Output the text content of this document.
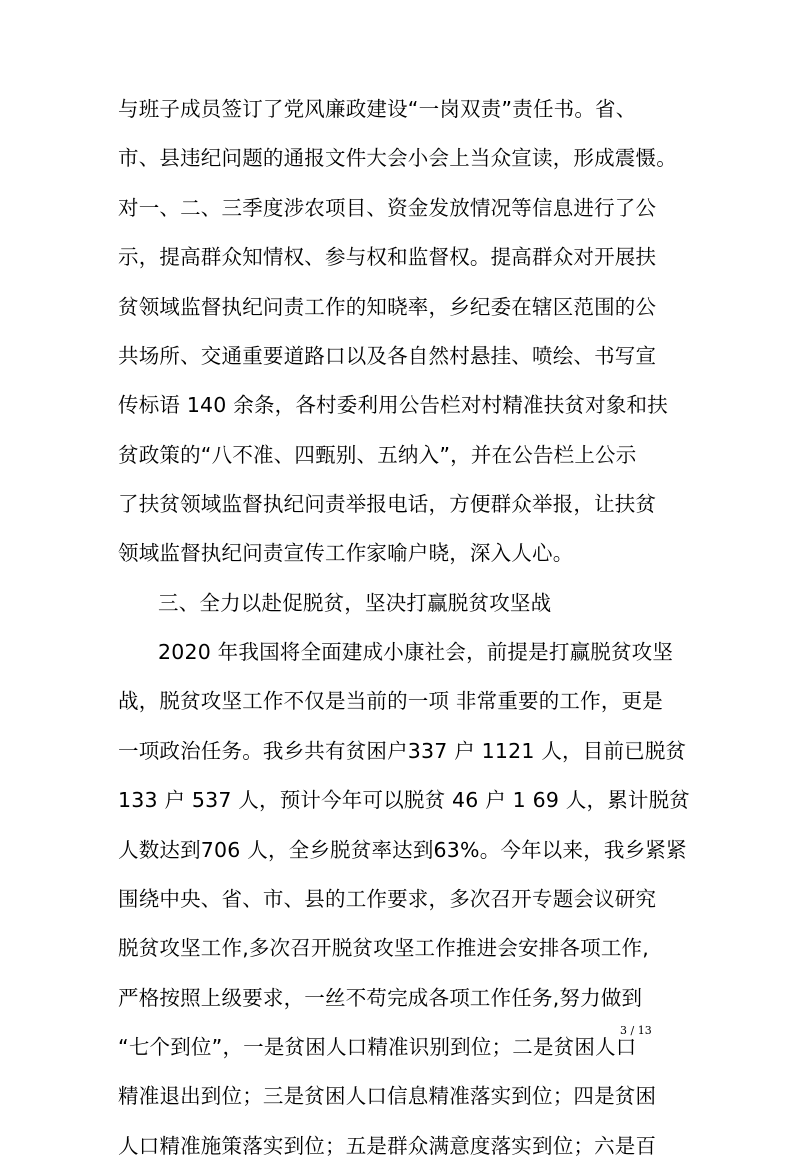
与班子成员签订了党风廉政建设“一岗双责”责任书。省、
市、县违纪问题的通报文件大会小会上当众宣读，形成震慑。
对一、二、三季度涉农项目、资金发放情况等信息进行了公
示，提高群众知情权、参与权和监督权。提高群众对开展扶
贫领域监督执纪问责工作的知晓率，乡纪委在辖区范围的公
共场所、交通重要道路口以及各自然村悬挂、喷绘、书写宣
传标语 140 余条，各村委利用公告栏对村精准扶贫对象和扶
贫政策的“八不准、四甄别、五纳入”，并在公告栏上公示
了扶贫领域监督执纪问责举报电话，方便群众举报，让扶贫
领域监督执纪问责宣传工作家喻户晓，深入人心。
三、全力以赴促脱贫，坚决打赢脱贫攻坚战
2020 年我国将全面建成小康社会，前提是打赢脱贫攻坚
战，脱贫攻坚工作不仅是当前的一项 非常重要的工作，更是
一项政治任务。我乡共有贫困户337 户 1121 人，目前已脱贫
133 户 537 人，预计今年可以脱贫 46 户 1 69 人，累计脱贫
人数达到706 人，全乡脱贫率达到63%。今年以来，我乡紧紧
围绕中央、省、市、县的工作要求，多次召开专题会议研究
脱贫攻坚工作,多次召开脱贫攻坚工作推进会安排各项工作,
严格按照上级要求，一丝不苟完成各项工作任务,努力做到
“七个到位”，一是贫困人口精准识别到位；二是贫困人口
精准退出到位；三是贫困人口信息精准落实到位；四是贫困
人口精准施策落实到位；五是群众满意度落实到位；六是百
3 / 13
